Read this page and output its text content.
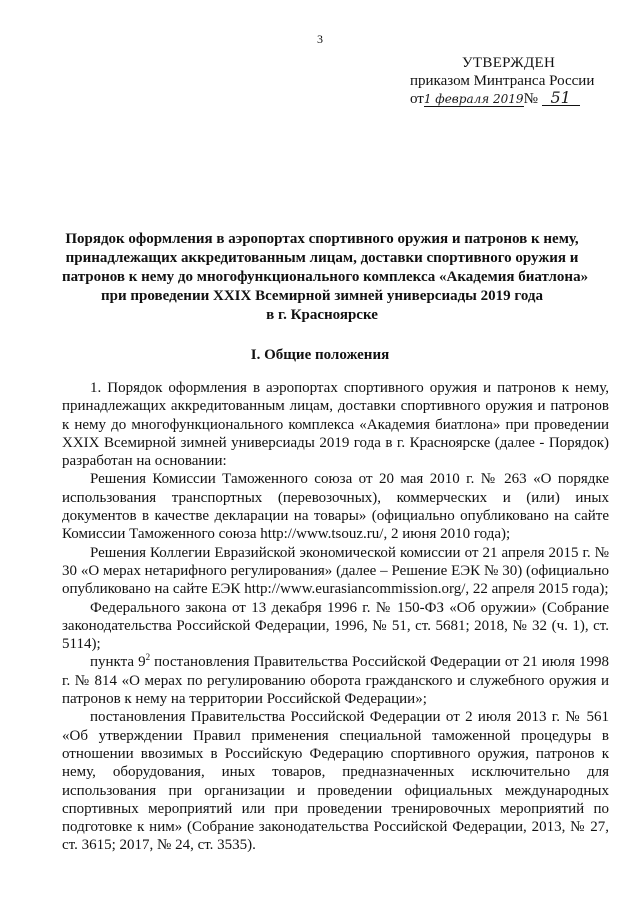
3
УТВЕРЖДЕН
приказом Минтранса России
от1 февраля 2019№ 51
Порядок оформления в аэропортах спортивного оружия и патронов к нему,
принадлежащих аккредитованным лицам, доставки спортивного оружия и
патронов к нему до многофункционального комплекса «Академия биатлона»
при проведении XXIX Всемирной зимней универсиады 2019 года
в г. Красноярске
I. Общие положения

1. Порядок оформления в аэропортах спортивного оружия и патронов к нему, принадлежащих аккредитованным лицам, доставки спортивного оружия и патронов к нему до многофункционального комплекса «Академия биатлона» при проведении XXIX Всемирной зимней универсиады 2019 года в г. Красноярске (далее - Порядок) разработан на основании:

Решения Комиссии Таможенного союза от 20 мая 2010 г. № 263 «О порядке использования транспортных (перевозочных), коммерческих и (или) иных документов в качестве декларации на товары» (официально опубликовано на сайте Комиссии Таможенного союза http://www.tsouz.ru/, 2 июня 2010 года);

Решения Коллегии Евразийской экономической комиссии от 21 апреля 2015 г. № 30 «О мерах нетарифного регулирования» (далее – Решение ЕЭК № 30) (официально опубликовано на сайте ЕЭК http://www.eurasiancommission.org/, 22 апреля 2015 года);

Федерального закона от 13 декабря 1996 г. № 150-ФЗ «Об оружии» (Собрание законодательства Российской Федерации, 1996, № 51, ст. 5681; 2018, № 32 (ч. 1), ст. 5114);

пункта $9^2$ постановления Правительства Российской Федерации от 21 июля 1998 г. № 814 «О мерах по регулированию оборота гражданского и служебного оружия и патронов к нему на территории Российской Федерации»;

постановления Правительства Российской Федерации от 2 июля 2013 г. № 561 «Об утверждении Правил применения специальной таможенной процедуры в отношении ввозимых в Российскую Федерацию спортивного оружия, патронов к нему, оборудования, иных товаров, предназначенных исключительно для использования при организации и проведении официальных международных спортивных мероприятий или при проведении тренировочных мероприятий по подготовке к ним» (Собрание законодательства Российской Федерации, 2013, № 27, ст. 3615; 2017, № 24, ст. 3535).
